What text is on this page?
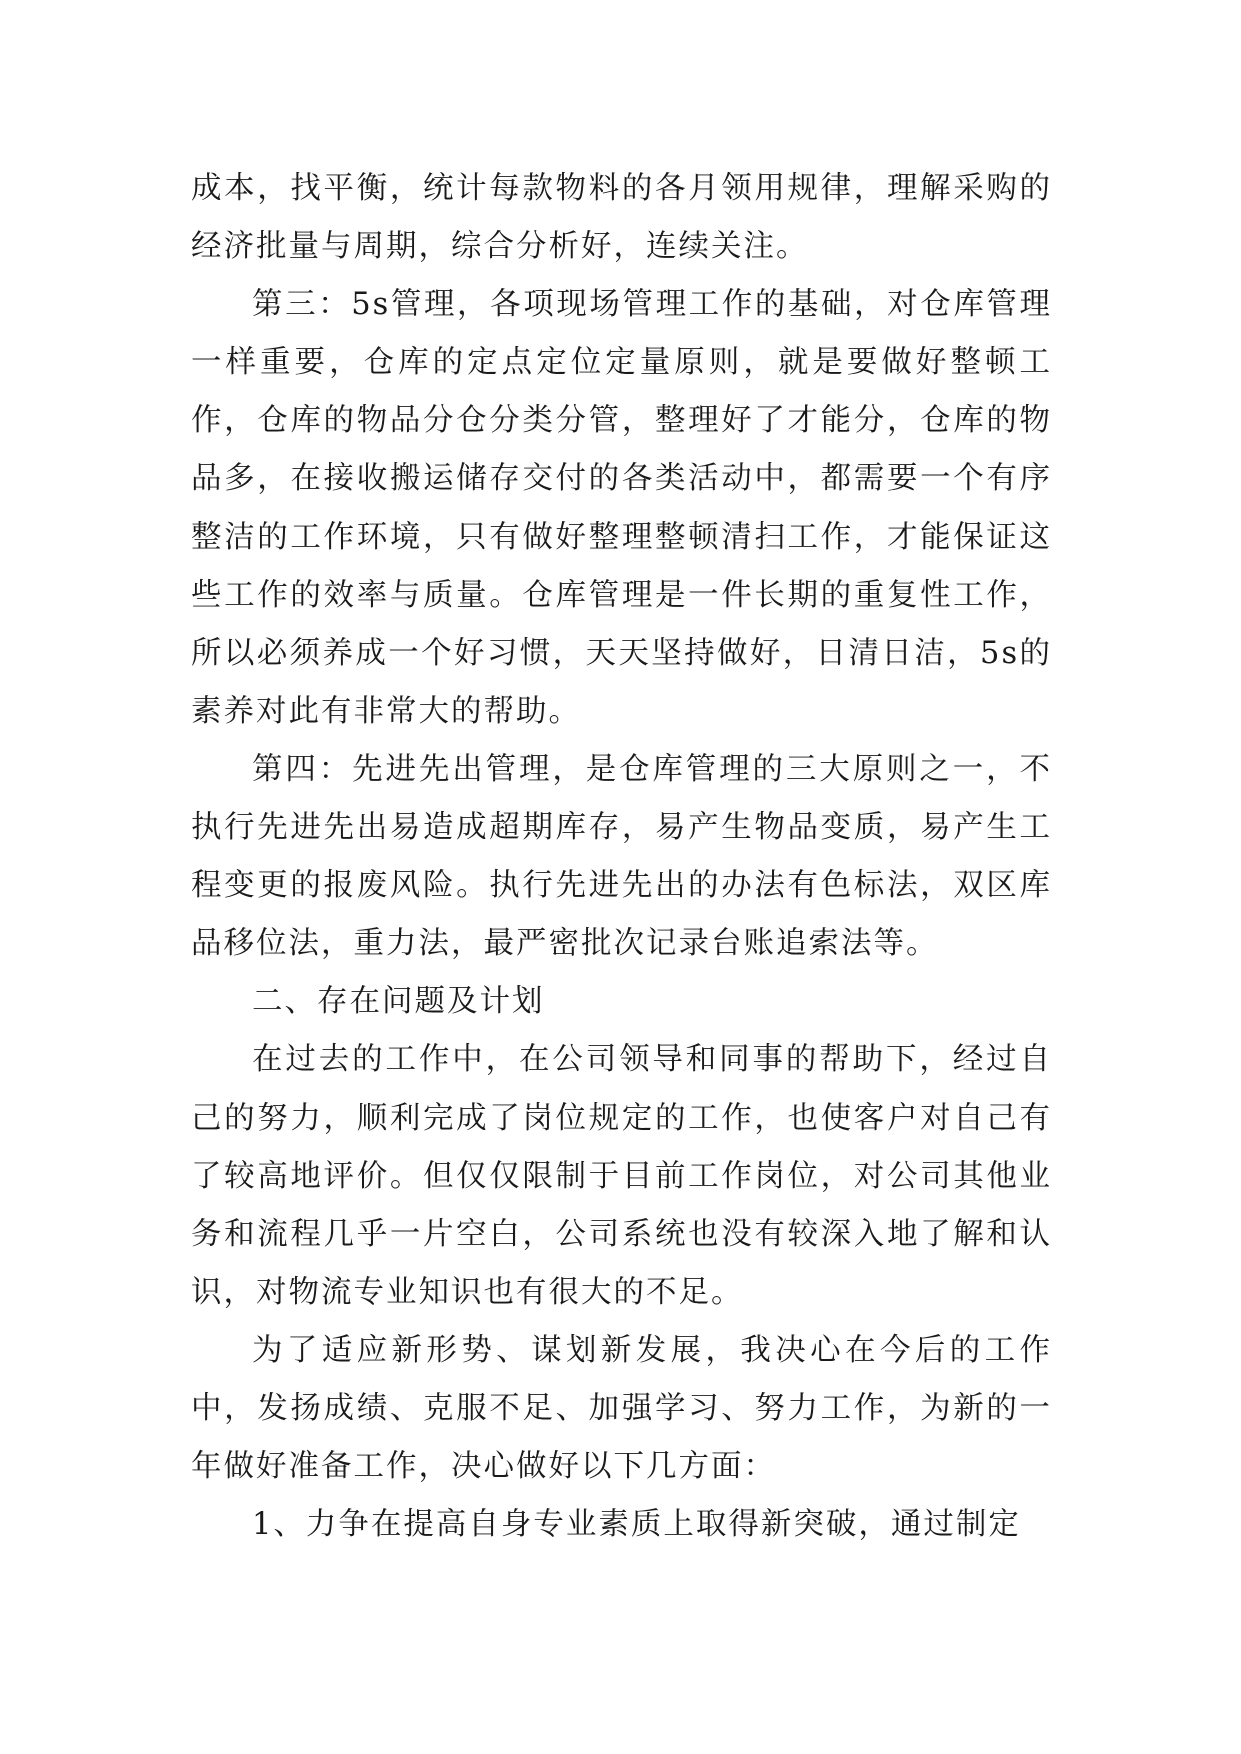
成本，找平衡，统计每款物料的各月领用规律，理解采购的经济批量与周期，综合分析好，连续关注。

第三：5s管理，各项现场管理工作的基础，对仓库管理一样重要，仓库的定点定位定量原则，就是要做好整顿工作，仓库的物品分仓分类分管，整理好了才能分，仓库的物品多，在接收搬运储存交付的各类活动中，都需要一个有序整洁的工作环境，只有做好整理整顿清扫工作，才能保证这些工作的效率与质量。仓库管理是一件长期的重复性工作，所以必须养成一个好习惯，天天坚持做好，日清日洁，5s的素养对此有非常大的帮助。

第四：先进先出管理，是仓库管理的三大原则之一，不执行先进先出易造成超期库存，易产生物品变质，易产生工程变更的报废风险。执行先进先出的办法有色标法，双区库品移位法，重力法，最严密批次记录台账追索法等。

二、存在问题及计划

在过去的工作中，在公司领导和同事的帮助下，经过自己的努力，顺利完成了岗位规定的工作，也使客户对自己有了较高地评价。但仅仅限制于目前工作岗位，对公司其他业务和流程几乎一片空白，公司系统也没有较深入地了解和认识，对物流专业知识也有很大的不足。

为了适应新形势、谋划新发展，我决心在今后的工作中，发扬成绩、克服不足、加强学习、努力工作，为新的一年做好准备工作，决心做好以下几方面：

1、力争在提高自身专业素质上取得新突破，通过制定
